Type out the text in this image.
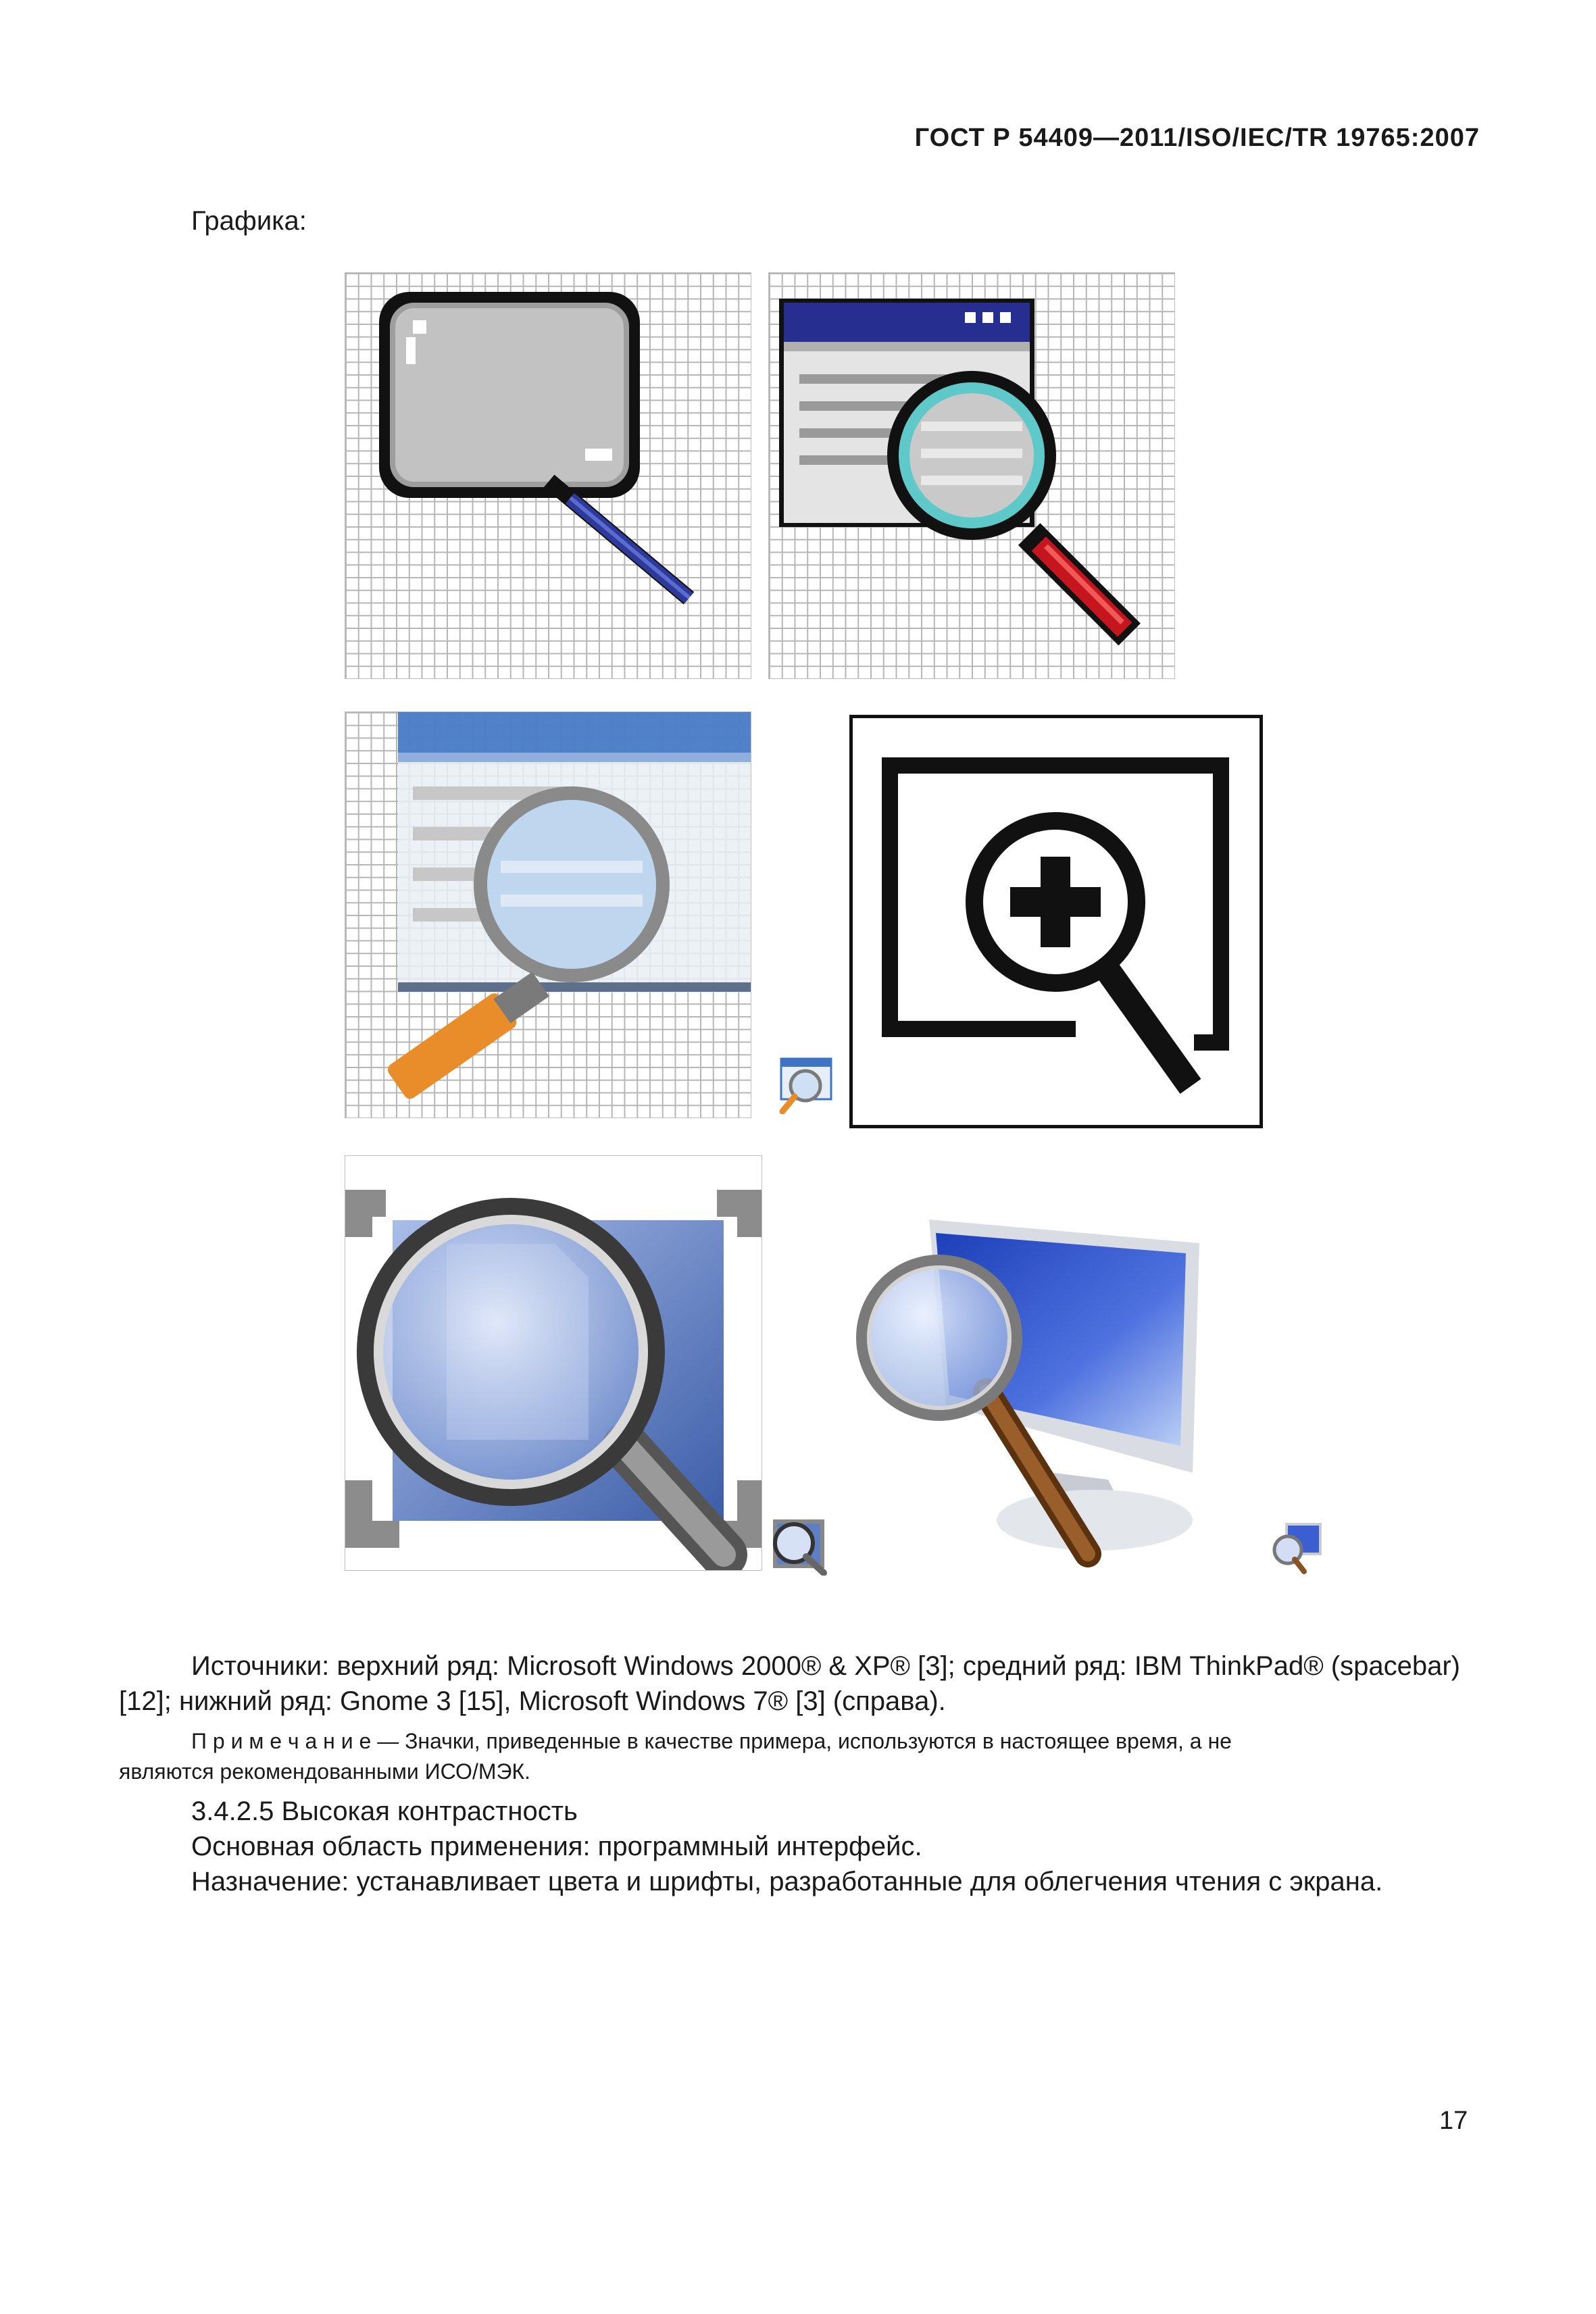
ГОСТ Р 54409—2011/ISO/IEC/TR 19765:2007
Графика:
Источники: верхний ряд: Microsoft Windows 2000® & XP® [3]; средний ряд: IBM ThinkPad® (spacebar)
[12]; нижний ряд: Gnome 3 [15], Microsoft Windows 7® [3] (справа).
П р и м е ч а н и е — Значки, приведенные в качестве примера, используются в настоящее время, а не
являются рекомендованными ИСО/МЭК.
3.4.2.5 Высокая контрастность
Основная область применения: программный интерфейс.
Назначение: устанавливает цвета и шрифты, разработанные для облегчения чтения с экрана.
17
